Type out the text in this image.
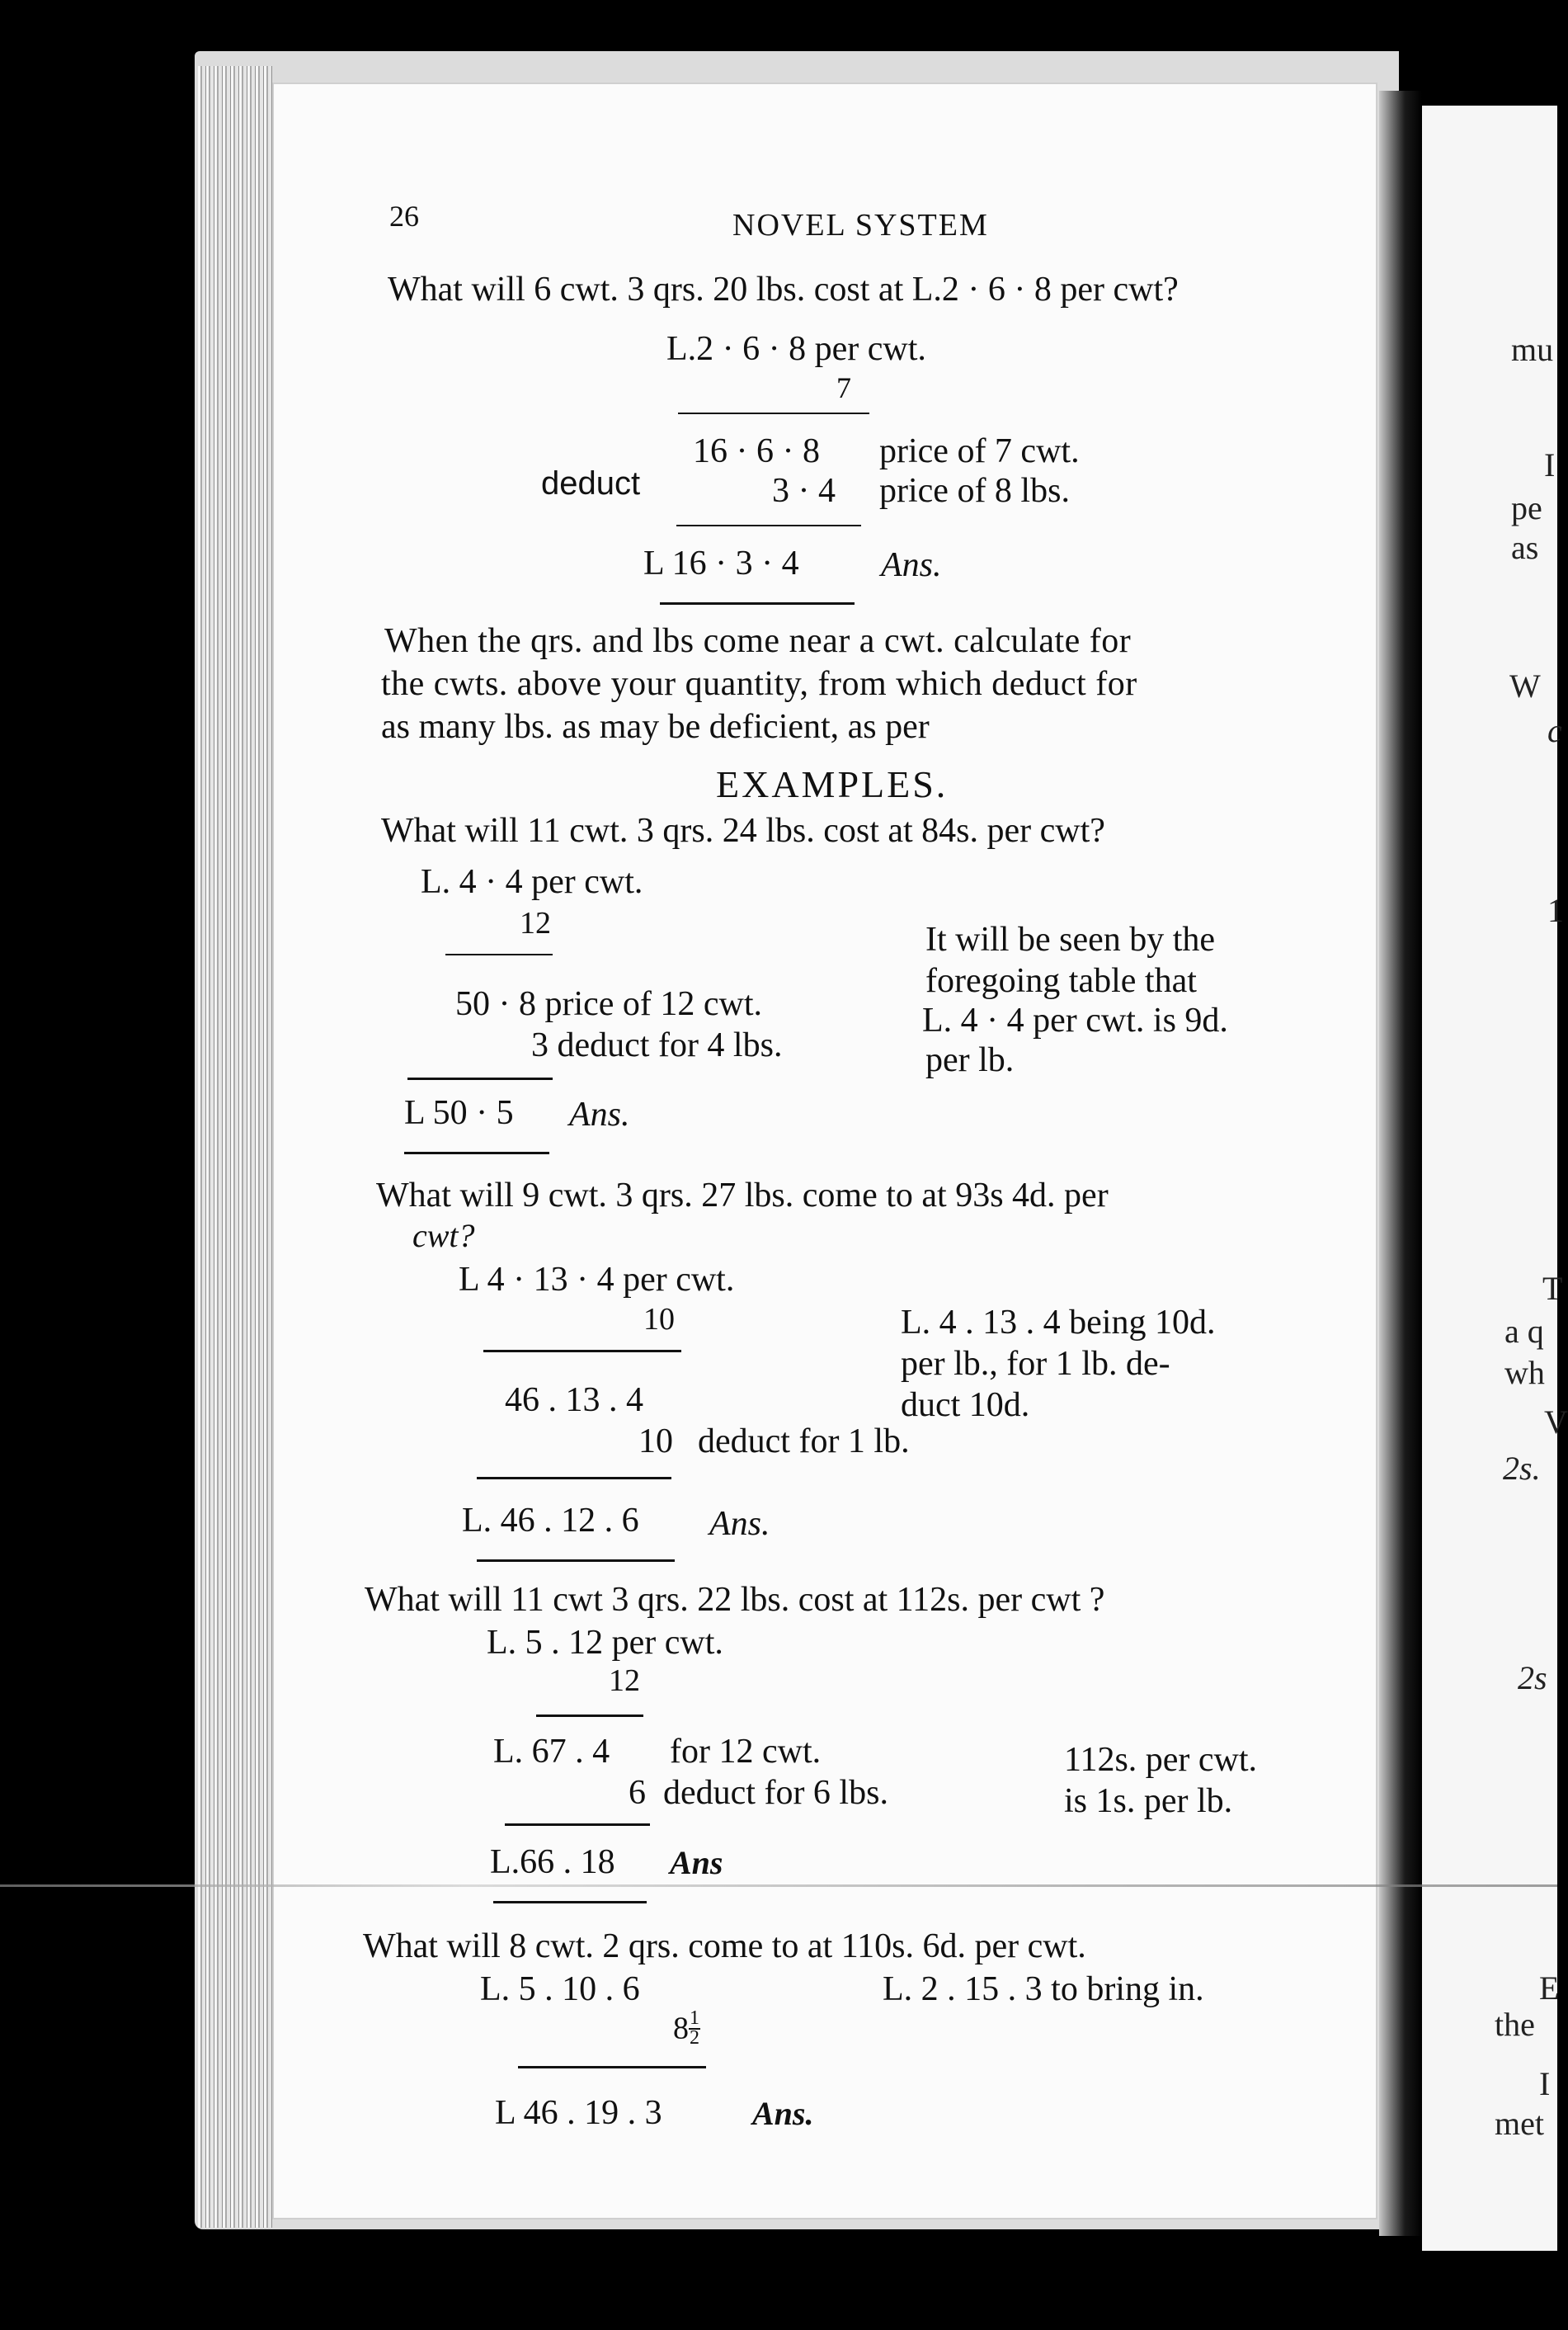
26	NOVEL SYSTEM
What will 6 cwt. 3 qrs. 20 lbs. cost at L.2 · 6 · 8 per cwt?
L.2 · 6 · 8 per cwt.
7
16 · 6 · 8 price of 7 cwt.
deduct	3 · 4 price of 8 lbs.
L 16 · 3 · 4 Ans.
When the qrs. and lbs come near a cwt. calculate for
the cwts. above your quantity, from which deduct for
as many lbs. as may be deficient, as per
EXAMPLES.
What will 11 cwt. 3 qrs. 24 lbs. cost at 84s. per cwt?
L. 4 · 4 per cwt.
12
50 · 8 price of 12 cwt.
3 deduct for 4 lbs.
L 50 · 5 Ans.
It will be seen by the
foregoing table that
L. 4 · 4 per cwt. is 9d.
per lb.
What will 9 cwt. 3 qrs. 27 lbs. come to at 93s 4d. per
cwt?
L 4 · 13 · 4 per cwt.
10
46 . 13 . 4
10 deduct for 1 lb.
L. 46 . 12 . 6 Ans.
L. 4 . 13 . 4 being 10d.
per lb., for 1 lb. de-
duct 10d.
What will 11 cwt 3 qrs. 22 lbs. cost at 112s. per cwt ?
L. 5 . 12 per cwt.
12
L. 67 . 4 for 12 cwt.
6 deduct for 6 lbs.
L.66 . 18 Ans
112s. per cwt.
is 1s. per lb.
What will 8 cwt. 2 qrs. come to at 110s. 6d. per cwt.
L. 5 . 10 . 6	L. 2 . 15 . 3 to bring in.
$8 \frac{1}{2}$
L 46 . 19 . 3	Ans.
mu
I
pe
as
W
c
1
T
a q
wh
V
2s.
2s
E
the
I
met
